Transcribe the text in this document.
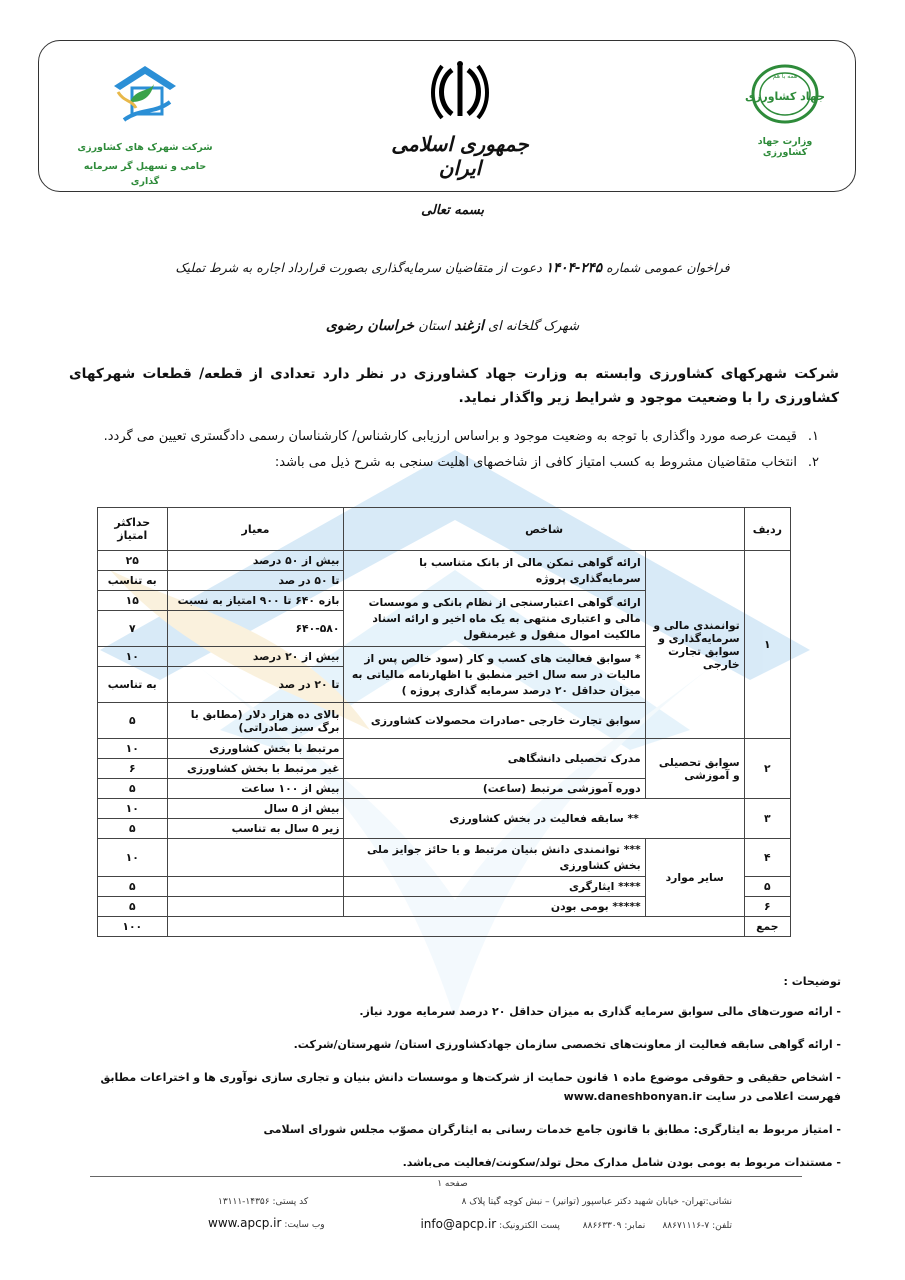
شرکت شهرک های کشاورزی
حامی و تسهیل گر سرمایه گذاری
جمهوری اسلامی ایران
همه با هم
جهاد کشاورزی
وزارت جهاد کشاورزی
بسمه تعالی
فراخوان عمومی شماره ۲۴۵-۱۴۰۴ دعوت از متقاضیان سرمایه‌گذاری بصورت قرارداد اجاره به شرط تملیک
شهرک گلخانه ای ازغند استان خراسان رضوی
شرکت شهرکهای کشاورزی وابسته به وزارت جهاد کشاورزی در نظر دارد تعدادی از قطعه/ قطعات شهرکهای کشاورزی را با وضعیت موجود و شرایط زیر واگذار نماید.
۱.
قیمت عرصه مورد واگذاری با توجه به وضعیت موجود و براساس ارزیابی کارشناس/ کارشناسان رسمی دادگستری تعیین می گردد.
۲.
انتخاب متقاضیان مشروط به کسب امتیاز کافی از شاخصهای اهلیت سنجی به شرح ذیل می باشد:
ردیف	شاخص		معیار	حداکثر امتیاز
۱	توانمندی مالی و سرمایه‌گذاری و سوابق تجارت خارجی	ارائه گواهی تمکن مالی از بانک متناسب با سرمایه‌گذاری پروژه	بیش از ۵۰ درصد	۲۵
			تا ۵۰ در صد	به تناسب
		ارائه گواهی اعتبارسنجی از نظام بانکی و موسسات مالی و اعتباری منتهی به یک ماه اخیر و ارائه اسناد مالکیت اموال منقول و غیرمنقول	بازه ۶۴۰ تا ۹۰۰ امتیاز به نسبت	۱۵
			۶۴۰-۵۸۰	۷
		* سوابق فعالیت های کسب و کار (سود خالص پس از مالیات در سه سال اخیر منطبق با اظهارنامه مالیاتی به میزان حداقل ۲۰ درصد سرمایه گذاری پروژه )	بیش از ۲۰ درصد	۱۰
			تا ۲۰ در صد	به تناسب
		سوابق تجارت خارجی -صادرات محصولات کشاورزی	بالای ده هزار دلار (مطابق با برگ سبز صادراتی)	۵

۲	سوابق تحصیلی و آموزشی	مدرک تحصیلی دانشگاهی	مرتبط با بخش کشاورزی	۱۰
			غیر مرتبط با بخش کشاورزی	۶
		دوره آموزشی مرتبط (ساعت)	بیش از ۱۰۰ ساعت	۵
۳	** سابقه فعالیت در بخش کشاورزی		بیش از ۵ سال	۱۰
			زیر ۵ سال به تناسب	۵
۴	سایر موارد	*** توانمندی دانش بنیان مرتبط و یا حائز جوایز ملی بخش کشاورزی		۱۰
۵		**** ایثارگری		۵
۶		***** بومی بودن		۵
جمع				۱۰۰
توضیحات :
- ارائه صورت‌های مالی سوابق سرمایه گذاری به میزان حداقل ۲۰ درصد سرمایه مورد نیاز.
- ارائه گواهی سابقه فعالیت از معاونت‌های تخصصی سازمان جهادکشاورزی استان/ شهرستان/شرکت.
- اشخاص حقیقی و حقوقی موضوع ماده ۱ قانون حمایت از شرکت‌ها و موسسات دانش بنیان و تجاری سازی نوآوری ها و اختراعات مطابق فهرست اعلامی در سایت www.daneshbonyan.ir
- امتیاز مربوط به ایثارگری: مطابق با قانون جامع خدمات رسانی به ایثارگران مصوّب مجلس شورای اسلامی
- مستندات مربوط به بومی بودن شامل مدارک محل تولد/سکونت/فعالیت می‌باشد.
صفحه ۱
نشانی:تهران- خیابان شهید دکتر عباسپور (توانیر) – نبش کوچه گیتا پلاک ۸
کد پستی: ۱۴۳۵۶-۱۳۱۱۱
تلفن: ۷-۸۸۶۷۱۱۱۶      نمابر: ۸۸۶۶۳۳۰۹        پست الکترونیک: info@apcp.ir
وب سایت: www.apcp.ir
